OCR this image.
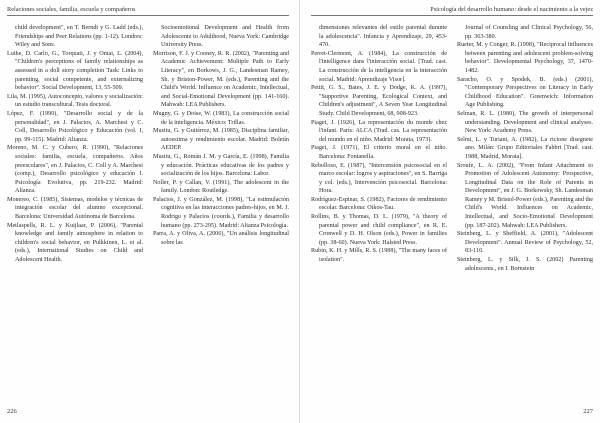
Relaciones sociales, familia, escuela y compañeros

child development", en T. Berndt y G. Ladd (eds.), Friendships and Peer Relations (pp. 1-12). Londres: Wiley and Sons.

Luthe, D. Carlo, G., Torquati, J. y Ontai, L. (2004), "Children's perceptions of family relationships as assessed in a doll story completion Task: Links to parenting, social competente, and externalizing behavior". Social Development, 13, 55-509.

Lila, M. (1995), Autoconcepto, valores y socialización: un estudio transcultural. Tesis doctoral.

López, F. (1990), "Desarrollo social y de la personalidad", en J. Palacios, A. Marchesi y C. Coll, Desarrollo Psicológico y Educación (vol. I, pp. 99-115). Madrid: Alianza.

Moreno, M. C. y Cubero, R. (1990), "Relaciones sociales: familia, escuela, compañeros. Años preescolares", en J. Palacios, C. Coll y A. Marchesi (comp.), Desarrollo psicológico y educación I. Psicología Evolutiva, pp. 219-232. Madrid: Alianza.

Monereo, C. (1985), Sistemas, modelos y técnicas de integración escolar del alumno excepcional. Barcelona: Universidad Autónoma de Barcelona.

Metlaspells, R. L. y Kuijlaar, P. (2006), "Parental knowledge and family atmosphere in relation to children's social behavior, en Pulkkinen, L. et al. (eds.), International Studies on Child and Adolescent Health.

Socioemotional Development and Health from Adolescente to Adulthood, Nueva York: Cambridge University Press.

Morrison, F. J. y Cooney, R. R. (2002), "Parenting and Academic Achievement: Multiple Path to Early Literacy", en Borkows, J. G., Landesman Ramey, Sh. y Briston-Power, M. (eds.), Parenting and the Child's World. Influence on Academic, Intellectual, and Social-Emotional Development (pp. 141-160). Mahwah: LEA Publishers.

Mugny, G. y Doise, W. (1983), La construcción social de la inteligencia. México: Trillas.

Musitu, G. y Gutiérrez, M. (1985), Disciplina familiar, autoestima y rendimiento escolar. Madrid: Boletín AEDEP.

Musitu, G., Román J. M. y García, E. (1998), Familia y educación. Prácticas educativas de los padres y socialización de los hijos. Barcelona: Labor.

Noller, P. y Callan, V. (1991), The adolescent in the family. London: Routledge.

Palacios, J. y González, M. (1998), "La estimulación cognitiva en las interacciones padres-hijos, en M. J. Rodrigo y Palacios (coords.), Familia y desarrollo humano (pp. 273-295). Madrid: Alianza Psicología.

Parra, A. y Oliva, A. (2006), "Un análisis longitudinal sobre las

226
Psicología del desarrollo humano: desde el nacimiento a la vejez

dimensiones relevantes del estilo parental durante la adolescencia". Infancia y Aprendizaje, 29, 453-470.

Perret-Clermont, A. (1984), La construcción de l'intelligence dans l'interacción social. [Trad. cast. La construcción de la inteligencia en la interacción social. Madrid: Aprendizaje Visor].

Pettit, G. S., Bates, J. E. y Dodge, K. A. (1997), "Supportive Parenting, Ecological Context, and Children's adjustment", A Seven Year Longitudinal Study. Child Development, 68, 908-923.

Piaget, J. (1926), La representación du monde chez l'infant. París: ALCA (Trad. cas. La representación del mundo en el niño. Madrid: Morata, 1973).

Piaget, J. (1971), El criterio moral en el niño. Barcelona: Fontanella.

Rebolloso, E. (1987), "Intercensión psicosocial en el marco escolar: logros y aspiraciones", en S. Barriga y col. (eds.), Intervención psicosocial. Barcelona: Hora.

Rodríguez-Espinar, S. (1982), Factores de rendimiento escolar. Barcelona: Oikos-Tau.

Rollins, B. y Thomas, D. L. (1979), "A theory of parental power and child compliance", en R. E. Cronwell y D. H. Olson (eds.), Power in families (pp. 38-60). Nueva York: Halsted Press.

Rubin, K. H. y Mills, R. S. (1988), "The many faces of isolation".

Journal of Counsling and Clinical Psychology, 56, pp. 363-380.

Rueter, M. y Conger, R. (1998), "Reciprocal influences between parenting and adolescent problem-solving behavior". Developmental Psychology, 37, 1470-1482.

Saracho, O. y Spodek, B. (eds.) (2001), "Contemporary Perspectives on Literacy in Early Childhood Education". Greenwich: Information Age Publishing.

Selman, R. L. (1980), The growth of interpersonal understanding. Development and clinical analyses. New York: Academy Press.

Selmi, L. y Turiani, A. (1982), La ricione disegnete ano. Milán: Grupo Editoriales Fabbri [Trad. cast. 1988, Madrid, Morata].

Sroufe, L. A. (2002), "From Infant Attachment to Promotion of Adolescent Autonomy: Prospective, Longitudinal Data on the Role of Parents in Development", en J. G. Borkowsky, Sh. Landesman Ramey y M. Bristol-Power (eds.), Parenting and the Child's World. Influences on Academic, Intellectual, and Socio-Emotional Development (pp. 187-202). Mahwah: LEA Publishers.

Steinberg, L. y Sheffield, A. (2001), "Adolescent Development". Annual Review of Psychology, 52, 83-110.

Steinberg, L. y Silk, J. S. (2002) Parenting adolescents., en I. Bornstein

227
